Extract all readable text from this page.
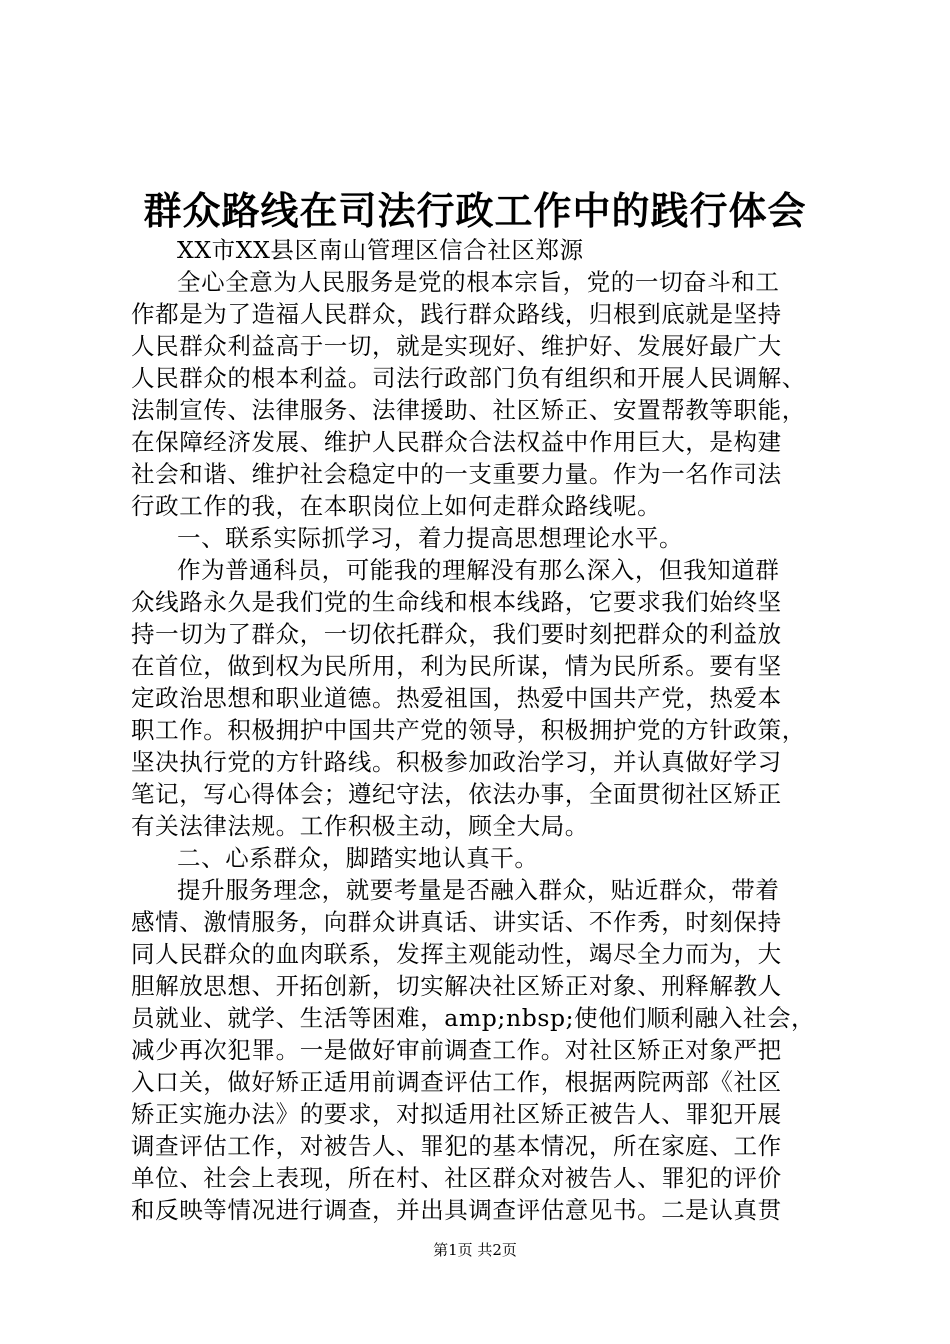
群众路线在司法行政工作中的践行体会
XX市XX县区南山管理区信合社区郑源
全心全意为人民服务是党的根本宗旨，党的一切奋斗和工
作都是为了造福人民群众，践行群众路线，归根到底就是坚持
人民群众利益高于一切，就是实现好、维护好、发展好最广大
人民群众的根本利益。司法行政部门负有组织和开展人民调解、
法制宣传、法律服务、法律援助、社区矫正、安置帮教等职能，
在保障经济发展、维护人民群众合法权益中作用巨大，是构建
社会和谐、维护社会稳定中的一支重要力量。作为一名作司法
行政工作的我，在本职岗位上如何走群众路线呢。
一、联系实际抓学习，着力提高思想理论水平。
作为普通科员，可能我的理解没有那么深入，但我知道群
众线路永久是我们党的生命线和根本线路，它要求我们始终坚
持一切为了群众，一切依托群众，我们要时刻把群众的利益放
在首位，做到权为民所用，利为民所谋，情为民所系。要有坚
定政治思想和职业道德。热爱祖国，热爱中国共产党，热爱本
职工作。积极拥护中国共产党的领导，积极拥护党的方针政策，
坚决执行党的方针路线。积极参加政治学习，并认真做好学习
笔记，写心得体会；遵纪守法，依法办事，全面贯彻社区矫正
有关法律法规。工作积极主动，顾全大局。
二、心系群众，脚踏实地认真干。
提升服务理念，就要考量是否融入群众，贴近群众，带着
感情、激情服务，向群众讲真话、讲实话、不作秀，时刻保持
同人民群众的血肉联系，发挥主观能动性，竭尽全力而为，大
胆解放思想、开拓创新，切实解决社区矫正对象、刑释解教人
员就业、就学、生活等困难，amp;nbsp;使他们顺利融入社会，
减少再次犯罪。一是做好审前调查工作。对社区矫正对象严把
入口关，做好矫正适用前调查评估工作，根据两院两部《社区
矫正实施办法》的要求，对拟适用社区矫正被告人、罪犯开展
调查评估工作，对被告人、罪犯的基本情况，所在家庭、工作
单位、社会上表现，所在村、社区群众对被告人、罪犯的评价
和反映等情况进行调查，并出具调查评估意见书。二是认真贯
第1页 共2页
